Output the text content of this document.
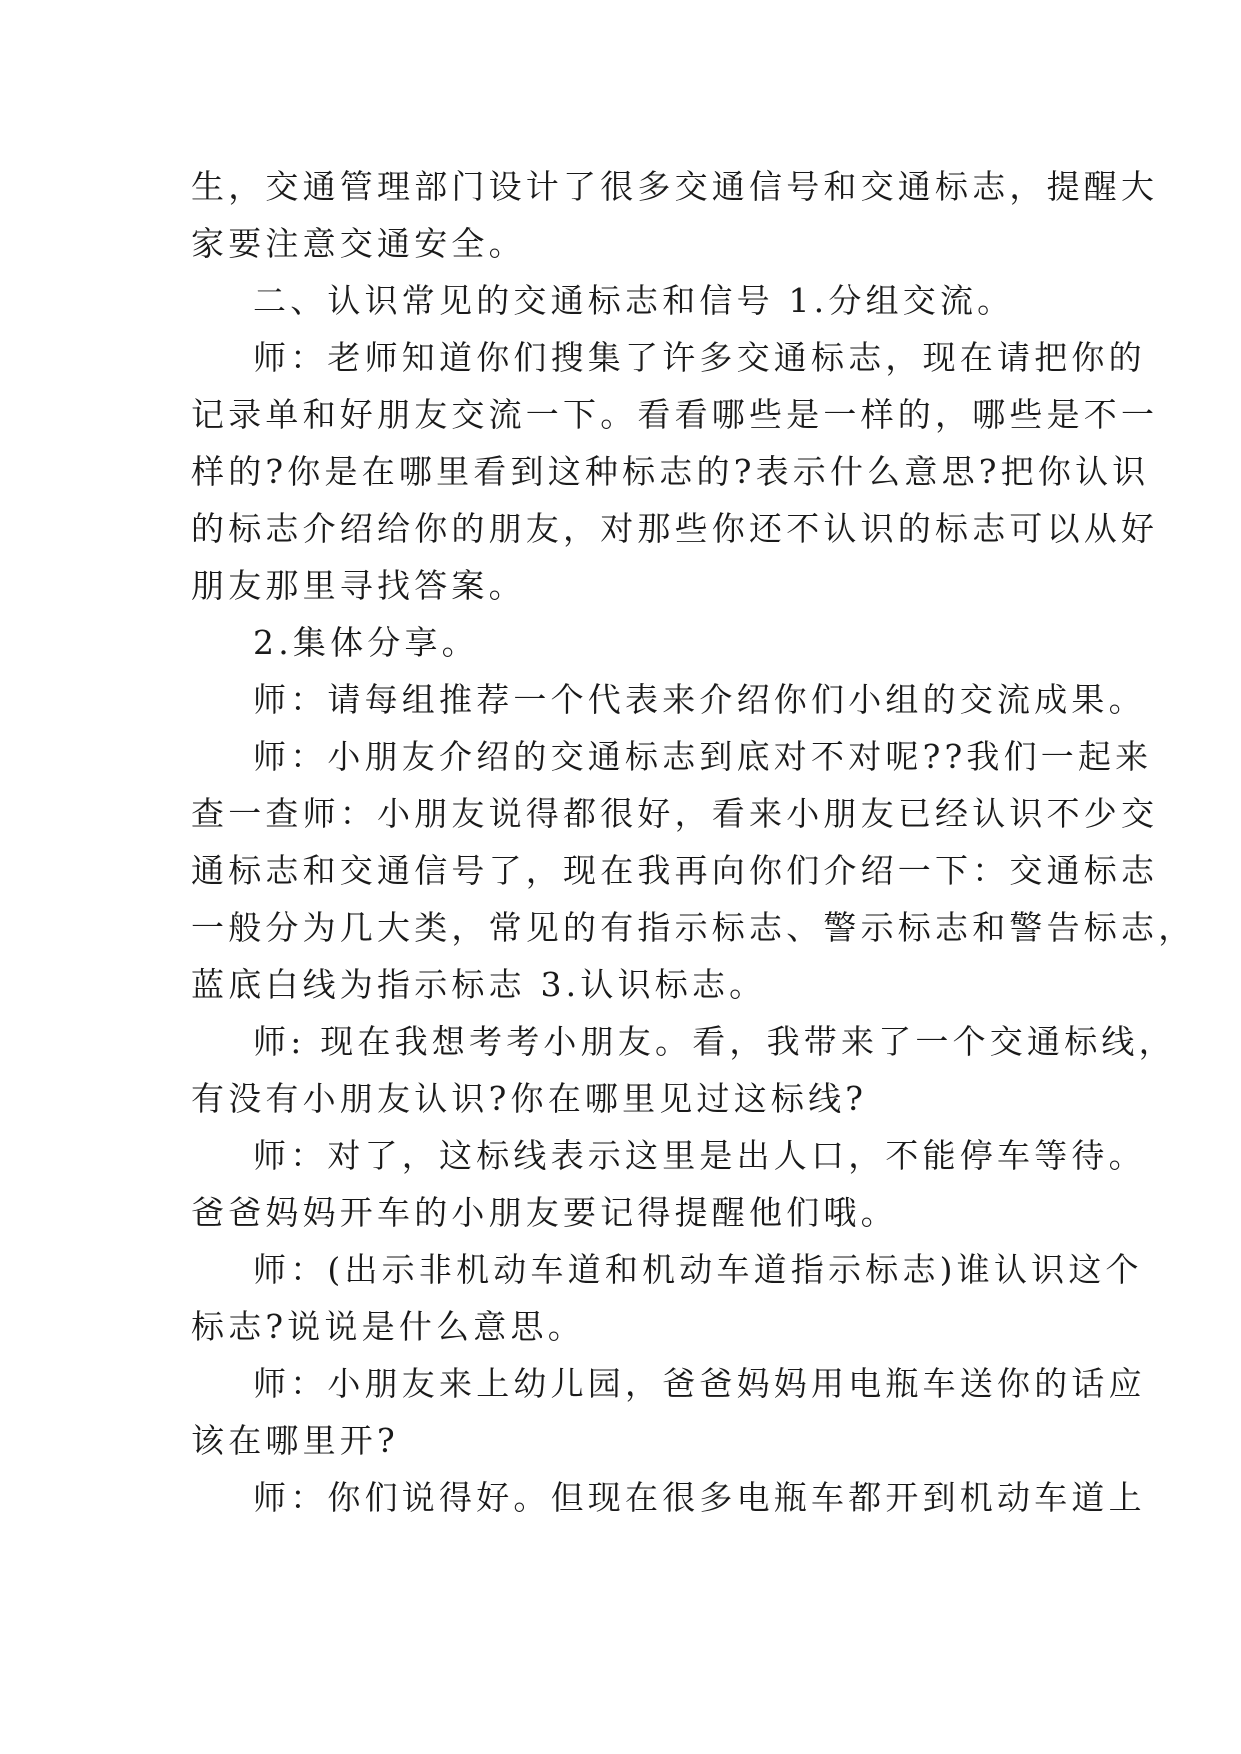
生，交通管理部门设计了很多交通信号和交通标志，提醒大
家要注意交通安全。
二、认识常见的交通标志和信号 1.分组交流。
师：老师知道你们搜集了许多交通标志，现在请把你的
记录单和好朋友交流一下。看看哪些是一样的，哪些是不一
样的?你是在哪里看到这种标志的?表示什么意思?把你认识
的标志介绍给你的朋友，对那些你还不认识的标志可以从好
朋友那里寻找答案。
2.集体分享。
师：请每组推荐一个代表来介绍你们小组的交流成果。
师：小朋友介绍的交通标志到底对不对呢??我们一起来
查一查师：小朋友说得都很好，看来小朋友已经认识不少交
通标志和交通信号了，现在我再向你们介绍一下：交通标志
一般分为几大类，常见的有指示标志、警示标志和警告标志，
蓝底白线为指示标志 3.认识标志。
师: 现在我想考考小朋友。看，我带来了一个交通标线，
有没有小朋友认识?你在哪里见过这标线?
师：对了，这标线表示这里是出人口，不能停车等待。
爸爸妈妈开车的小朋友要记得提醒他们哦。
师：(出示非机动车道和机动车道指示标志)谁认识这个
标志?说说是什么意思。
师：小朋友来上幼儿园，爸爸妈妈用电瓶车送你的话应
该在哪里开?
师：你们说得好。但现在很多电瓶车都开到机动车道上
